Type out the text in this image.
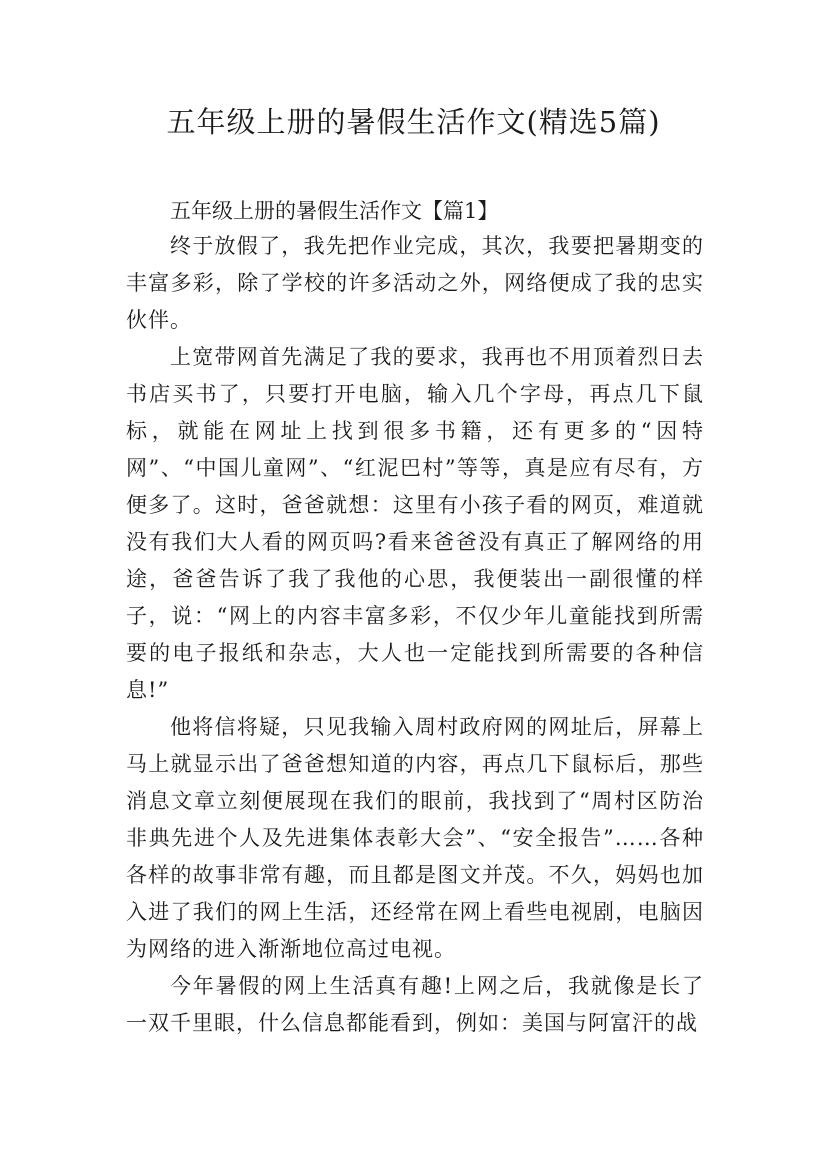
五年级上册的暑假生活作文(精选5篇)

五年级上册的暑假生活作文【篇1】

终于放假了，我先把作业完成，其次，我要把暑期变的丰富多彩，除了学校的许多活动之外，网络便成了我的忠实伙伴。

上宽带网首先满足了我的要求，我再也不用顶着烈日去书店买书了，只要打开电脑，输入几个字母，再点几下鼠标，就能在网址上找到很多书籍，还有更多的“因特网”、“中国儿童网”、“红泥巴村”等等，真是应有尽有，方便多了。这时，爸爸就想：这里有小孩子看的网页，难道就没有我们大人看的网页吗?看来爸爸没有真正了解网络的用途，爸爸告诉了我了我他的心思，我便装出一副很懂的样子，说：“网上的内容丰富多彩，不仅少年儿童能找到所需要的电子报纸和杂志，大人也一定能找到所需要的各种信息!”

他将信将疑，只见我输入周村政府网的网址后，屏幕上马上就显示出了爸爸想知道的内容，再点几下鼠标后，那些消息文章立刻便展现在我们的眼前，我找到了“周村区防治非典先进个人及先进集体表彰大会”、“安全报告”……各种各样的故事非常有趣，而且都是图文并茂。不久，妈妈也加入进了我们的网上生活，还经常在网上看些电视剧，电脑因为网络的进入渐渐地位高过电视。

今年暑假的网上生活真有趣!上网之后，我就像是长了一双千里眼，什么信息都能看到，例如：美国与阿富汗的战
